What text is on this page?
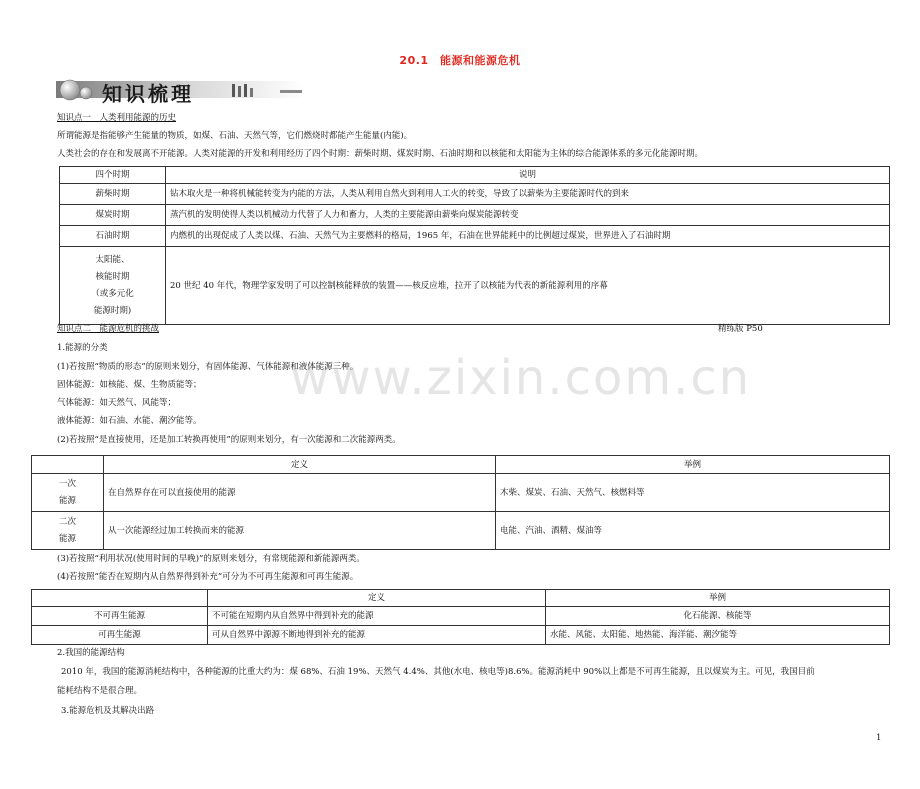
20.1　能源和能源危机
知识梳理
知识点一　人类利用能源的历史
所谓能源是指能够产生能量的物质，如煤、石油、天然气等，它们燃烧时都能产生能量(内能)。
人类社会的存在和发展离不开能源。人类对能源的开发和利用经历了四个时期：薪柴时期、煤炭时期、石油时期和以核能和太阳能为主体的综合能源体系的多元化能源时期。
四个时期	说明
薪柴时期	钻木取火是一种将机械能转变为内能的方法，人类从利用自然火到利用人工火的转变，导致了以薪柴为主要能源时代的到来
煤炭时期	蒸汽机的发明使得人类以机械动力代替了人力和畜力，人类的主要能源由薪柴向煤炭能源转变
石油时期	内燃机的出现促成了人类以煤、石油、天然气为主要燃料的格局，1965 年，石油在世界能耗中的比例超过煤炭，世界进入了石油时期

太阳能、
核能时期
（或多元化
能源时期)	20 世纪 40 年代，物理学家发明了可以控制核能释放的装置——核反应堆，拉开了以核能为代表的新能源利用的序幕
知识点二　能源危机的挑战	精练版 P50
1.能源的分类
(1)若按照“物质的形态”的原则来划分，有固体能源、气体能源和液体能源三种。
固体能源：如核能、煤、生物质能等；
气体能源：如天然气、风能等；
液体能源：如石油、水能、潮汐能等。
(2)若按照“是直接使用，还是加工转换再使用”的原则来划分，有一次能源和二次能源两类。
	定义	举例

一次
能源	在自然界存在可以直接使用的能源	木柴、煤炭、石油、天然气、核燃料等

二次
能源	从一次能源经过加工转换而来的能源	电能、汽油、酒精、煤油等
(3)若按照“利用状况(使用时间的早晚)”的原则来划分，有常规能源和新能源两类。
(4)若按照“能否在短期内从自然界得到补充”可分为不可再生能源和可再生能源。
	定义	举例
不可再生能源	不可能在短期内从自然界中得到补充的能源	化石能源、核能等
可再生能源	可从自然界中源源不断地得到补充的能源	水能、风能、太阳能、地热能、海洋能、潮汐能等
2.我国的能源结构
2010 年，我国的能源消耗结构中，各种能源的比重大约为：煤 68%、石油 19%、天然气 4.4%、其他(水电、核电等)8.6%。能源消耗中 90%以上都是不可再生能源，且以煤炭为主。可见，我国目前
能耗结构不是很合理。
3.能源危机及其解决出路
www.zixin.com.cn
1
